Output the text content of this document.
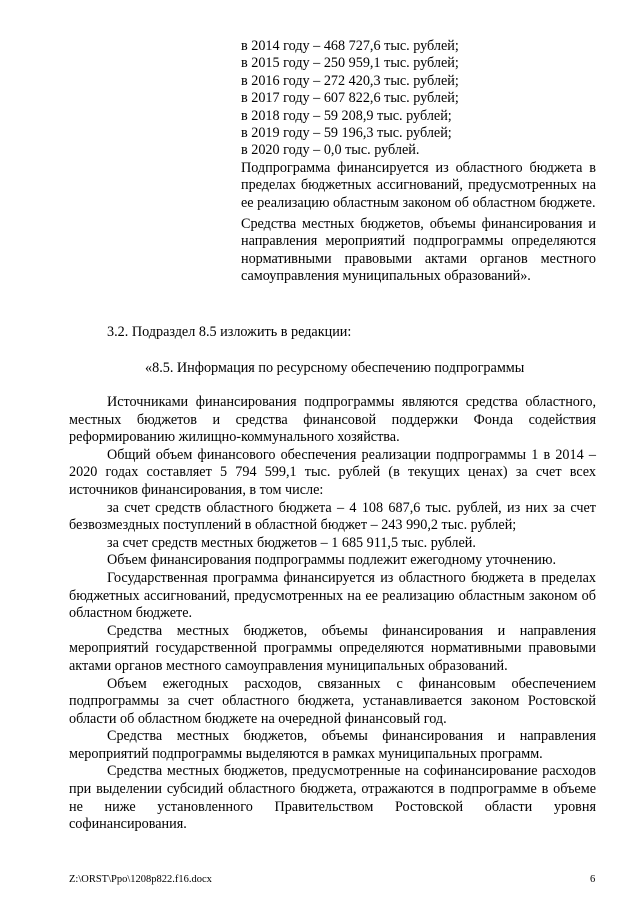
в 2014 году – 468 727,6 тыс. рублей;
в 2015 году – 250 959,1 тыс. рублей;
в 2016 году – 272 420,3 тыс. рублей;
в 2017 году – 607 822,6 тыс. рублей;
в 2018 году – 59 208,9 тыс. рублей;
в 2019 году – 59 196,3 тыс. рублей;
в 2020 году – 0,0 тыс. рублей.

Подпрограмма финансируется из областного бюджета в пределах бюджетных ассигнований, предусмотренных на ее реализацию областным законом об областном бюджете.

Средства местных бюджетов, объемы финансирования и направления мероприятий подпрограммы определяются нормативными правовыми актами органов местного самоуправления муниципальных образований».

3.2. Подраздел 8.5 изложить в редакции:
«8.5. Информация по ресурсному обеспечению подпрограммы

Источниками финансирования подпрограммы являются средства областного, местных бюджетов и средства финансовой поддержки Фонда содействия реформированию жилищно-коммунального хозяйства.

Общий объем финансового обеспечения реализации подпрограммы 1 в 2014 – 2020 годах составляет 5 794 599,1 тыс. рублей (в текущих ценах) за счет всех источников финансирования, в том числе:

за счет средств областного бюджета – 4 108 687,6 тыс. рублей, из них за счет безвозмездных поступлений в областной бюджет – 243 990,2 тыс. рублей;

за счет средств местных бюджетов – 1 685 911,5 тыс. рублей.

Объем финансирования подпрограммы подлежит ежегодному уточнению.

Государственная программа финансируется из областного бюджета в пределах бюджетных ассигнований, предусмотренных на ее реализацию областным законом об областном бюджете.

Средства местных бюджетов, объемы финансирования и направления мероприятий государственной программы определяются нормативными правовыми актами органов местного самоуправления муниципальных образований.

Объем ежегодных расходов, связанных с финансовым обеспечением подпрограммы за счет областного бюджета, устанавливается законом Ростовской области об областном бюджете на очередной финансовый год.

Средства местных бюджетов, объемы финансирования и направления мероприятий подпрограммы выделяются в рамках муниципальных программ.

Средства местных бюджетов, предусмотренные на софинансирование расходов при выделении субсидий областного бюджета, отражаются в подпрограмме в объеме не ниже установленного Правительством Ростовской области уровня софинансирования.

Z:\ORST\Ppo\1208p822.f16.docx	6
